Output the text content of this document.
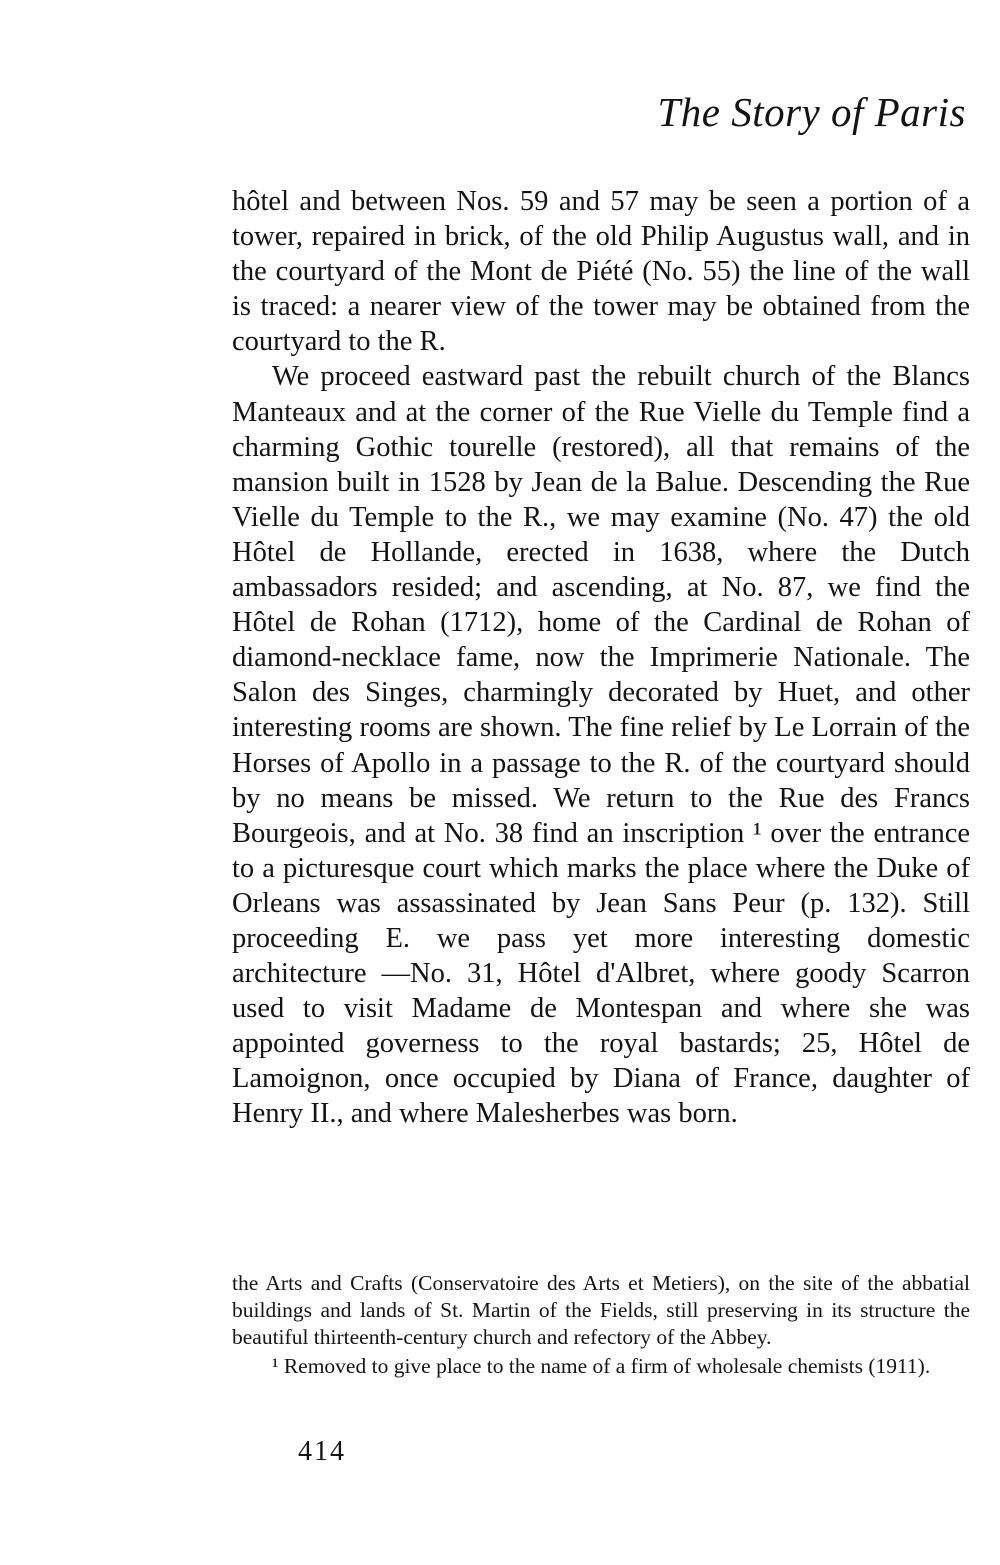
The Story of Paris

hôtel and between Nos. 59 and 57 may be seen a portion of a tower, repaired in brick, of the old Philip Augustus wall, and in the courtyard of the Mont de Piété (No. 55) the line of the wall is traced: a nearer view of the tower may be obtained from the courtyard to the R.

We proceed eastward past the rebuilt church of the Blancs Manteaux and at the corner of the Rue Vielle du Temple find a charming Gothic tourelle (restored), all that remains of the mansion built in 1528 by Jean de la Balue. Descending the Rue Vielle du Temple to the R., we may examine (No. 47) the old Hôtel de Hollande, erected in 1638, where the Dutch ambassadors resided; and ascending, at No. 87, we find the Hôtel de Rohan (1712), home of the Cardinal de Rohan of diamond-necklace fame, now the Imprimerie Nationale. The Salon des Singes, charmingly decorated by Huet, and other interesting rooms are shown. The fine relief by Le Lorrain of the Horses of Apollo in a passage to the R. of the courtyard should by no means be missed. We return to the Rue des Francs Bourgeois, and at No. 38 find an inscription ¹ over the entrance to a picturesque court which marks the place where the Duke of Orleans was assassinated by Jean Sans Peur (p. 132). Still proceeding E. we pass yet more interesting domestic architecture —No. 31, Hôtel d'Albret, where goody Scarron used to visit Madame de Montespan and where she was appointed governess to the royal bastards; 25, Hôtel de Lamoignon, once occupied by Diana of France, daughter of Henry II., and where Malesherbes was born.

the Arts and Crafts (Conservatoire des Arts et Metiers), on the site of the abbatial buildings and lands of St. Martin of the Fields, still preserving in its structure the beautiful thirteenth-century church and refectory of the Abbey.

¹ Removed to give place to the name of a firm of wholesale chemists (1911).

414
